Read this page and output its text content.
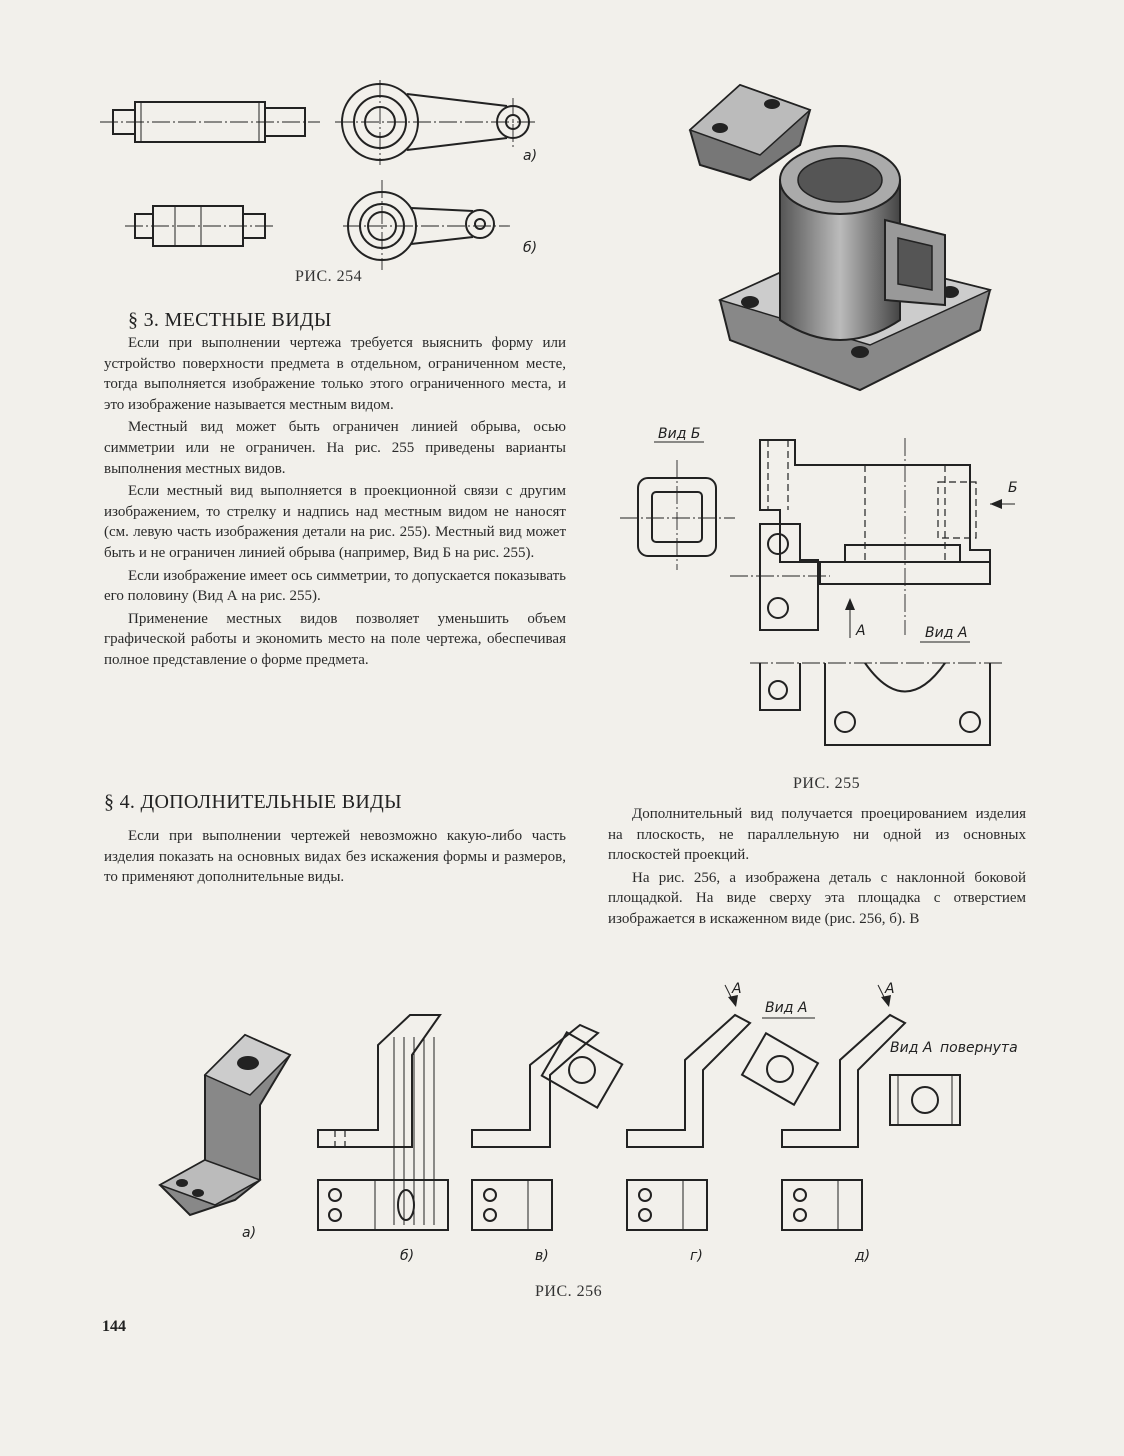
а)
б)
РИС. 254
§ 3. МЕСТНЫЕ ВИДЫ

Если при выполнении чертежа требуется выяснить форму или устройство поверхности предмета в отдельном, ограниченном месте, тогда выполняется изображение только этого ограниченного места, и это изображение называется местным видом.

Местный вид может быть ограничен линией обрыва, осью симметрии или не ограничен. На рис. 255 приведены варианты выполнения местных видов.

Если местный вид выполняется в проекционной связи с другим изображением, то стрелку и надпись над местным видом не наносят (см. левую часть изображения детали на рис. 255). Местный вид может быть и не ограничен линией обрыва (например, Вид Б на рис. 255).

Если изображение имеет ось симметрии, то допускается показывать его половину (Вид А на рис. 255).

Применение местных видов позволяет уменьшить объем графической работы и экономить место на поле чертежа, обеспечивая полное представление о форме предмета.

§ 4. ДОПОЛНИТЕЛЬНЫЕ ВИДЫ

Если при выполнении чертежей невозможно какую-либо часть изделия показать на основных видах без искажения формы и размеров, то применяют дополнительные виды.

Вид Б
Б
А	Вид А
РИС. 255

Дополнительный вид получается проецированием изделия на плоскость, не параллельную ни одной из основных плоскостей проекций.

На рис. 256, а изображена деталь с наклонной боковой площадкой. На виде сверху эта площадка с отверстием изображается в искаженном виде (рис. 256, б). В

а)
б)	в)
А
Вид А
г)
А
Вид А повернута
д)
РИС. 256
144
